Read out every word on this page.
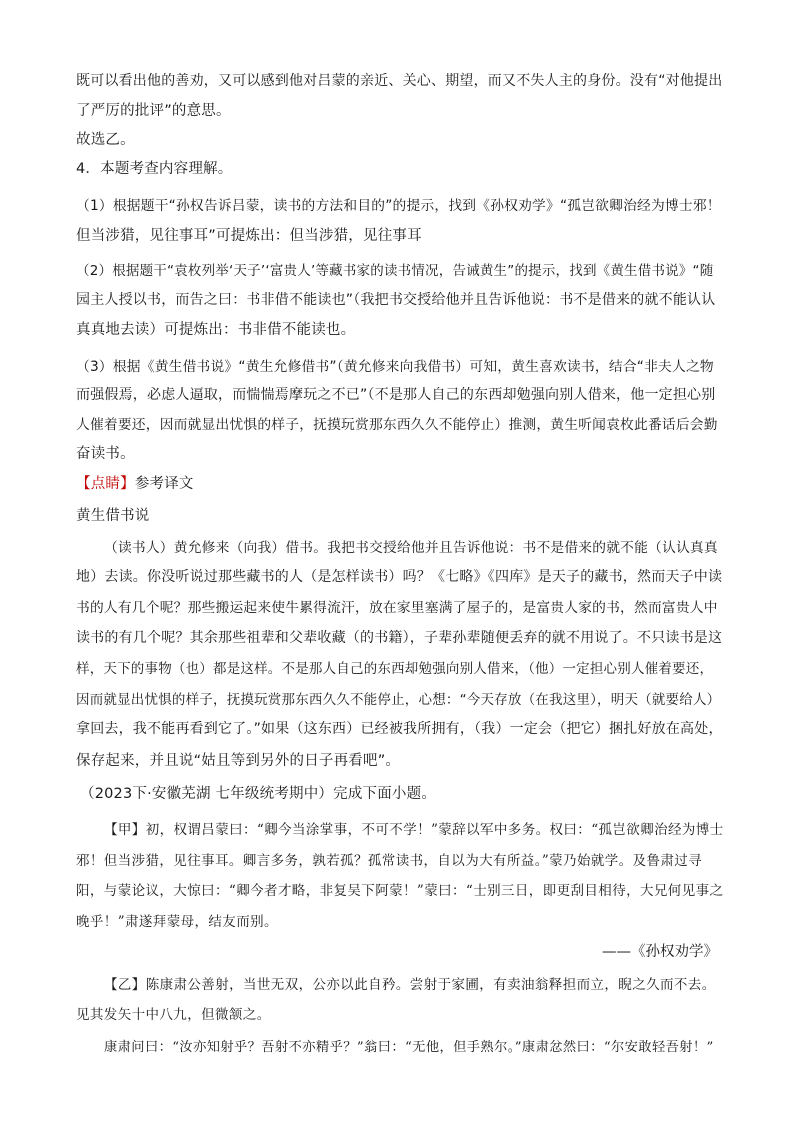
既可以看出他的善劝，又可以感到他对吕蒙的亲近、关心、期望，而又不失人主的身份。没有“对他提出
了严厉的批评”的意思。
故选乙。
4．本题考查内容理解。
（1）根据题干“孙权告诉吕蒙，读书的方法和目的”的提示，找到《孙权劝学》“孤岂欲卿治经为博士邪！
但当涉猎，见往事耳”可提炼出：但当涉猎，见往事耳
（2）根据题干“袁枚列举‘天子’‘富贵人’等藏书家的读书情况，告诫黄生”的提示，找到《黄生借书说》“随
园主人授以书，而告之曰：书非借不能读也”（我把书交授给他并且告诉他说：书不是借来的就不能认认
真真地去读）可提炼出：书非借不能读也。
（3）根据《黄生借书说》“黄生允修借书”（黄允修来向我借书）可知，黄生喜欢读书，结合“非夫人之物
而强假焉，必虑人逼取，而惴惴焉摩玩之不已”（不是那人自己的东西却勉强向别人借来，他一定担心别
人催着要还，因而就显出忧惧的样子，抚摸玩赏那东西久久不能停止）推测，黄生听闻袁枚此番话后会勤
奋读书。
【点睛】参考译文
黄生借书说
（读书人）黄允修来（向我）借书。我把书交授给他并且告诉他说：书不是借来的就不能（认认真真
地）去读。你没听说过那些藏书的人（是怎样读书）吗？《七略》《四库》是天子的藏书，然而天子中读
书的人有几个呢？那些搬运起来使牛累得流汗，放在家里塞满了屋子的，是富贵人家的书，然而富贵人中
读书的有几个呢？其余那些祖辈和父辈收藏（的书籍），子辈孙辈随便丢弃的就不用说了。不只读书是这
样，天下的事物（也）都是这样。不是那人自己的东西却勉强向别人借来，（他）一定担心别人催着要还，
因而就显出忧惧的样子，抚摸玩赏那东西久久不能停止，心想：“今天存放（在我这里），明天（就要给人）
拿回去，我不能再看到它了。”如果（这东西）已经被我所拥有，（我）一定会（把它）捆扎好放在高处，
保存起来，并且说“姑且等到另外的日子再看吧”。
（2023下·安徽芜湖 七年级统考期中）完成下面小题。
【甲】初，权谓吕蒙曰：“卿今当涂掌事，不可不学！”蒙辞以军中多务。权曰：“孤岂欲卿治经为博士
邪！但当涉猎，见往事耳。卿言多务，孰若孤？孤常读书，自以为大有所益。”蒙乃始就学。及鲁肃过寻
阳，与蒙论议，大惊曰：“卿今者才略，非复吴下阿蒙！”蒙曰：“士别三日，即更刮目相待，大兄何见事之
晚乎！”肃遂拜蒙母，结友而别。
——《孙权劝学》
【乙】陈康肃公善射，当世无双，公亦以此自矜。尝射于家圃，有卖油翁释担而立，睨之久而不去。
见其发矢十中八九，但微颔之。
康肃问曰：“汝亦知射乎？吾射不亦精乎？”翁曰：“无他，但手熟尔。”康肃忿然曰：“尔安敢轻吾射！”
